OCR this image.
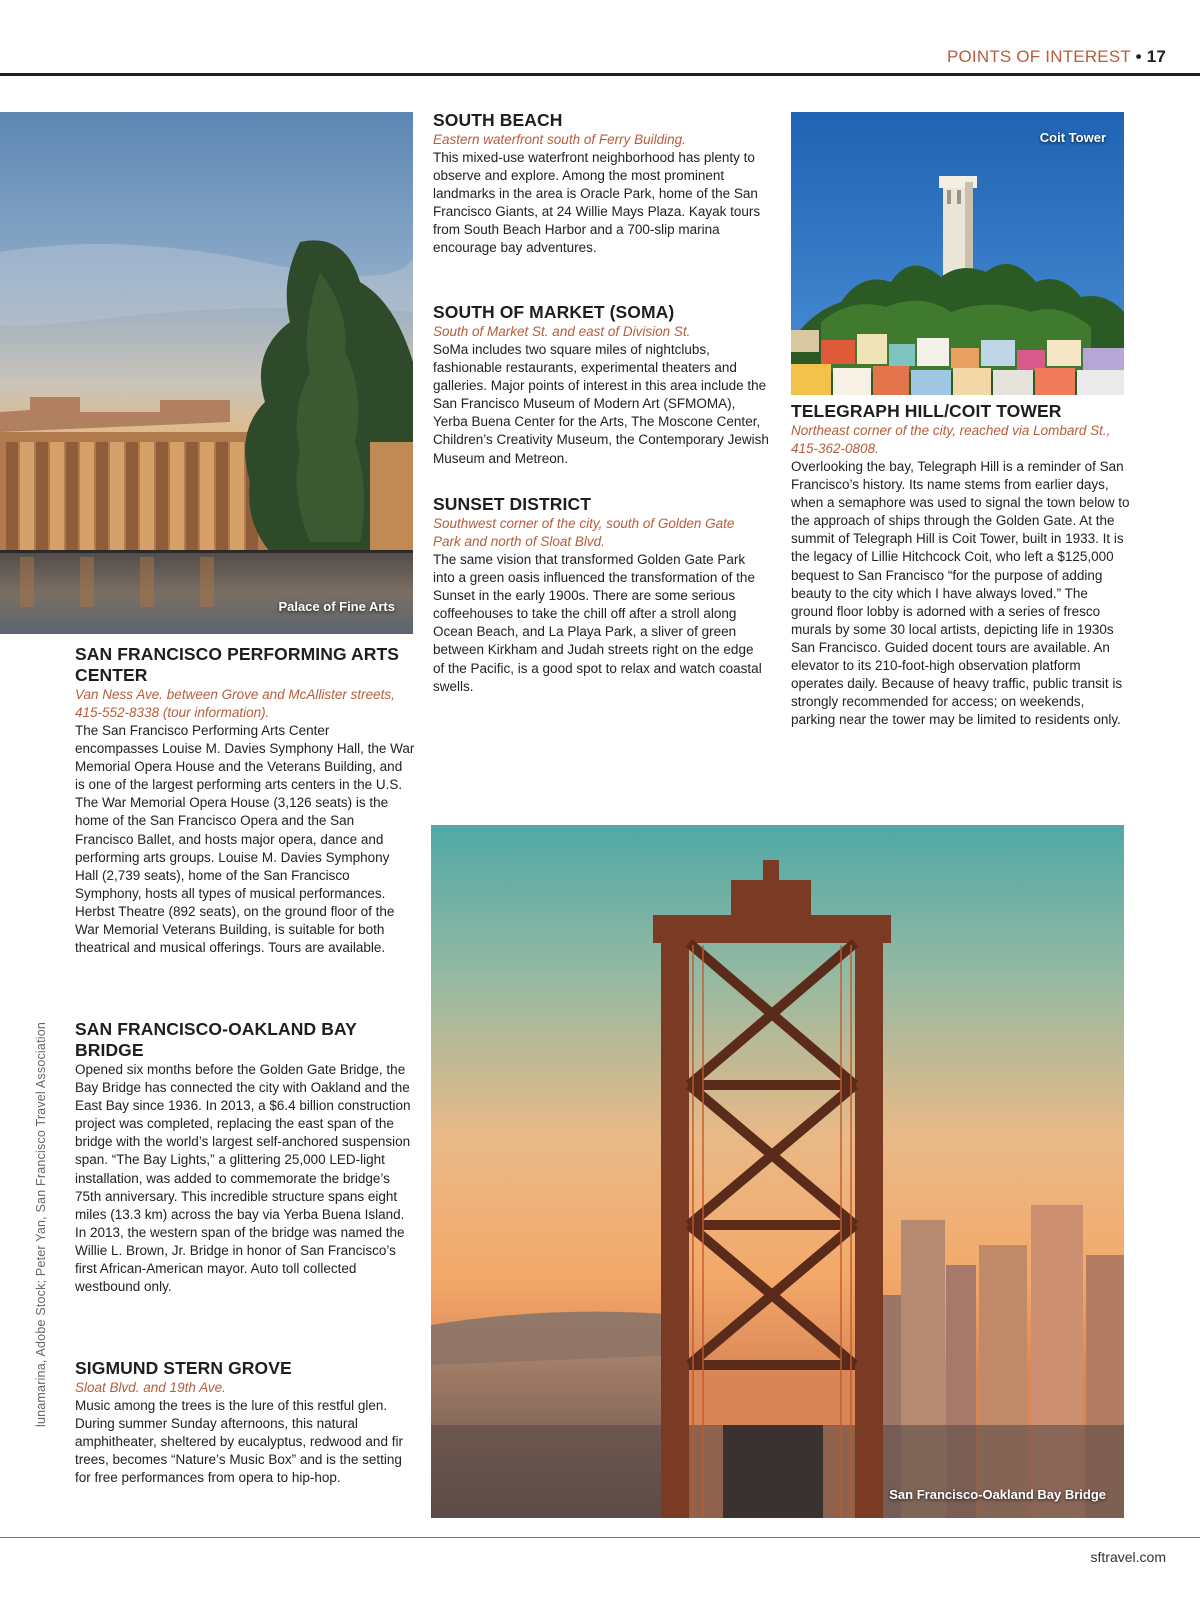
POINTS OF INTEREST • 17
Palace of Fine Arts
Coit Tower
San Francisco-Oakland Bay Bridge
SOUTH BEACH

Eastern waterfront south of Ferry Building.

This mixed-use waterfront neighborhood has plenty to observe and explore. Among the most prominent landmarks in the area is Oracle Park, home of the San Francisco Giants, at 24 Willie Mays Plaza. Kayak tours from South Beach Harbor and a 700-slip marina encourage bay adventures.

SOUTH OF MARKET (SOMA)

South of Market St. and east of Division St.

SoMa includes two square miles of nightclubs, fashionable restaurants, experimental theaters and galleries. Major points of interest in this area include the San Francisco Museum of Modern Art (SFMOMA), Yerba Buena Center for the Arts, The Moscone Center, Children’s Creativity Museum, the Contemporary Jewish Museum and Metreon.

SUNSET DISTRICT

Southwest corner of the city, south of Golden Gate Park and north of Sloat Blvd.

The same vision that transformed Golden Gate Park into a green oasis influenced the transformation of the Sunset in the early 1900s. There are some serious coffeehouses to take the chill off after a stroll along Ocean Beach, and La Playa Park, a sliver of green between Kirkham and Judah streets right on the edge of the Pacific, is a good spot to relax and watch coastal swells.

TELEGRAPH HILL/COIT TOWER

Northeast corner of the city, reached via Lombard St., 415-362-0808.

Overlooking the bay, Telegraph Hill is a reminder of San Francisco’s history. Its name stems from earlier days, when a semaphore was used to signal the town below to the approach of ships through the Golden Gate. At the summit of Telegraph Hill is Coit Tower, built in 1933. It is the legacy of Lillie Hitchcock Coit, who left a $125,000 bequest to San Francisco “for the purpose of adding beauty to the city which I have always loved.” The ground floor lobby is adorned with a series of fresco murals by some 30 local artists, depicting life in 1930s San Francisco. Guided docent tours are available. An elevator to its 210-foot-high observation platform operates daily. Because of heavy traffic, public transit is strongly recommended for access; on weekends, parking near the tower may be limited to residents only.

SAN FRANCISCO PERFORMING ARTS CENTER

Van Ness Ave. between Grove and McAllister streets, 415-552-8338 (tour information).

The San Francisco Performing Arts Center encompasses Louise M. Davies Symphony Hall, the War Memorial Opera House and the Veterans Building, and is one of the largest performing arts centers in the U.S. The War Memorial Opera House (3,126 seats) is the home of the San Francisco Opera and the San Francisco Ballet, and hosts major opera, dance and performing arts groups. Louise M. Davies Symphony Hall (2,739 seats), home of the San Francisco Symphony, hosts all types of musical performances. Herbst Theatre (892 seats), on the ground floor of the War Memorial Veterans Building, is suitable for both theatrical and musical offerings. Tours are available.

SAN FRANCISCO-OAKLAND BAY BRIDGE

Opened six months before the Golden Gate Bridge, the Bay Bridge has connected the city with Oakland and the East Bay since 1936. In 2013, a $6.4 billion construction project was completed, replacing the east span of the bridge with the world’s largest self-anchored suspension span. “The Bay Lights,” a glittering 25,000 LED-light installation, was added to commemorate the bridge’s 75th anniversary. This incredible structure spans eight miles (13.3 km) across the bay via Yerba Buena Island. In 2013, the western span of the bridge was named the Willie L. Brown, Jr. Bridge in honor of San Francisco’s first African-American mayor. Auto toll collected westbound only.

SIGMUND STERN GROVE

Sloat Blvd. and 19th Ave.

Music among the trees is the lure of this restful glen. During summer Sunday afternoons, this natural amphitheater, sheltered by eucalyptus, redwood and fir trees, becomes “Nature’s Music Box” and is the setting for free performances from opera to hip-hop.

lunamarina, Adobe Stock; Peter Yan, San Francisco Travel Association
sftravel.com
